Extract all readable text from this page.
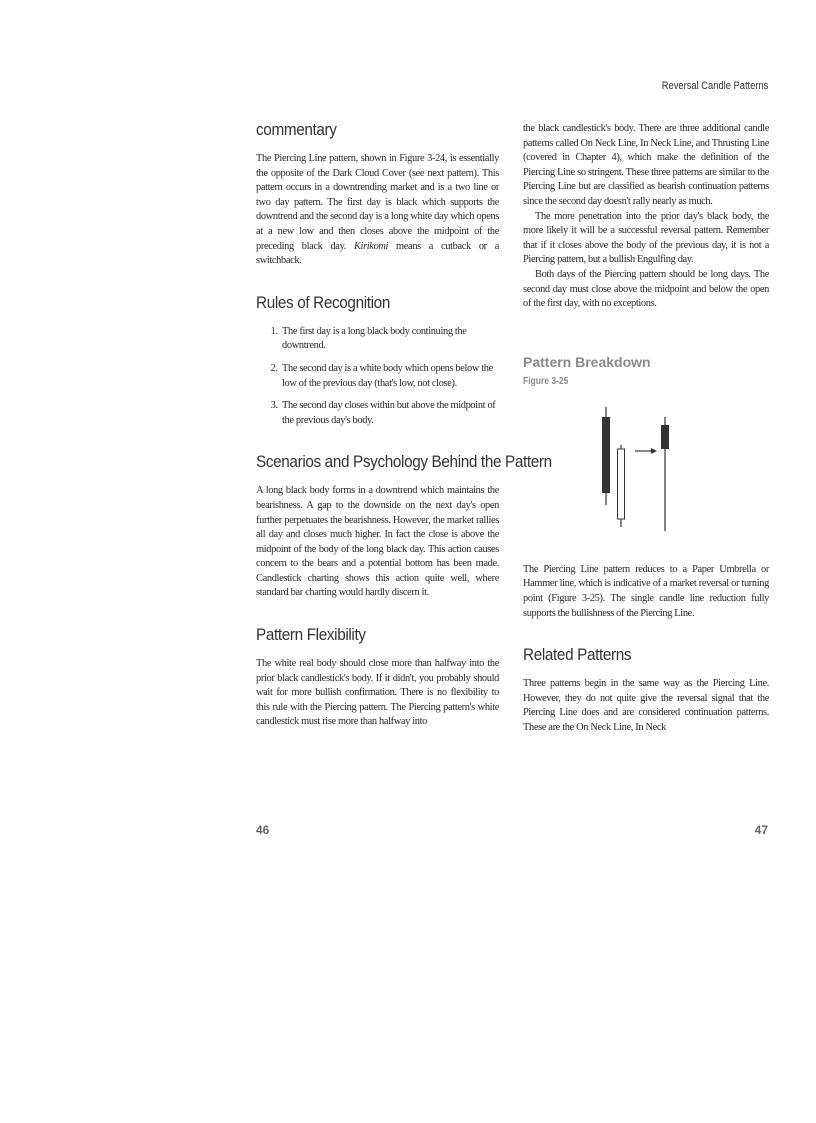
Reversal Candle Patterns
commentary

The Piercing Line pattern, shown in Figure 3-24, is essentially the opposite of the Dark Cloud Cover (see next pattern). This pattern occurs in a downtrending market and is a two line or two day pattern. The first day is black which supports the downtrend and the second day is a long white day which opens at a new low and then closes above the midpoint of the preceding black day. Kirikomi means a cutback or a switchback.

Rules of Recognition
1. The first day is a long black body continuing the downtrend.
2. The second day is a white body which opens below the low of the previous day (that's low, not close).
3. The second day closes within but above the midpoint of the previous day's body.
Scenarios and Psychology Behind the Pattern

A long black body forms in a downtrend which maintains the bearishness. A gap to the downside on the next day's open further perpetuates the bearishness. However, the market rallies all day and closes much higher. In fact the close is above the midpoint of the body of the long black day. This action causes concern to the bears and a potential bottom has been made. Candlestick charting shows this action quite well, where standard bar charting would hardly discern it.

Pattern Flexibility

The white real body should close more than halfway into the prior black candlestick's body. If it didn't, you probably should wait for more bullish confirmation. There is no flexibility to this rule with the Piercing pattern. The Piercing pattern's white candlestick must rise more than halfway into

the black candlestick's body. There are three additional candle patterns called On Neck Line, In Neck Line, and Thrusting Line (covered in Chapter 4), which make the definition of the Piercing Line so stringent. These three patterns are similar to the Piercing Line but are classified as bearish continuation patterns since the second day doesn't rally nearly as much.

The more penetration into the prior day's black body, the more likely it will be a successful reversal pattern. Remember that if it closes above the body of the previous day, it is not a Piercing pattern, but a bullish Engulfing day.

Both days of the Piercing pattern should be long days. The second day must close above the midpoint and below the open of the first day, with no exceptions.

Pattern Breakdown
Figure 3-25

The Piercing Line pattern reduces to a Paper Umbrella or Hammer line, which is indicative of a market reversal or turning point (Figure 3-25). The single candle line reduction fully supports the bullishness of the Piercing Line.

Related Patterns

Three patterns begin in the same way as the Piercing Line. However, they do not quite give the reversal signal that the Piercing Line does and are considered continuation patterns. These are the On Neck Line, In Neck

46	47
